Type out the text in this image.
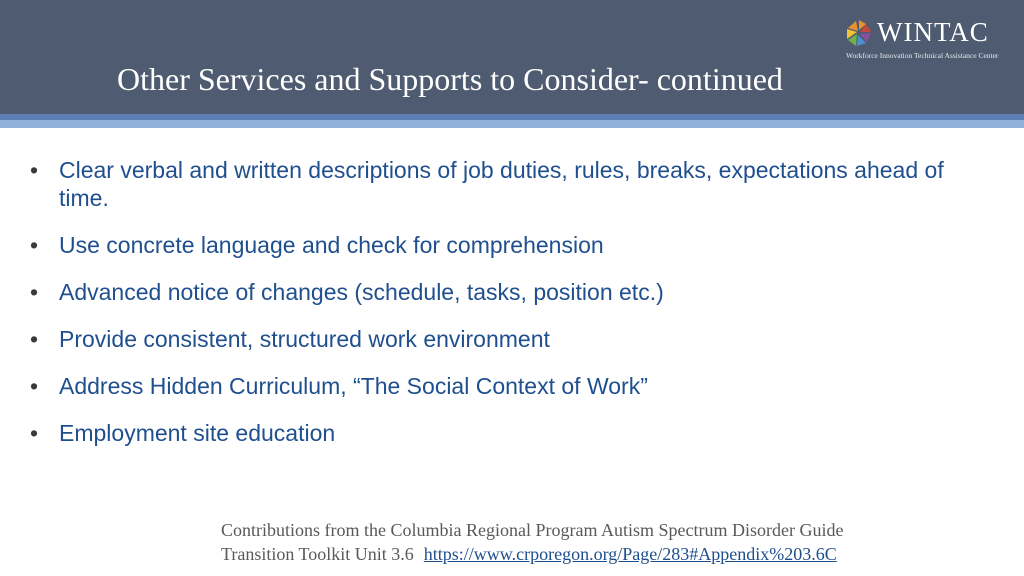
Other Services and Supports to Consider- continued
WINTAC
Workforce Innovation Technical Assistance Center
• Clear verbal and written descriptions of job duties, rules, breaks, expectations ahead of time.
• Use concrete language and check for comprehension
• Advanced notice of changes (schedule, tasks, position etc.)
• Provide consistent, structured work environment
• Address Hidden Curriculum, “The Social Context of Work”
• Employment site education
Contributions from the Columbia Regional Program Autism Spectrum Disorder Guide
Transition Toolkit Unit 3.6 https://www.crporegon.org/Page/283#Appendix%203.6C
